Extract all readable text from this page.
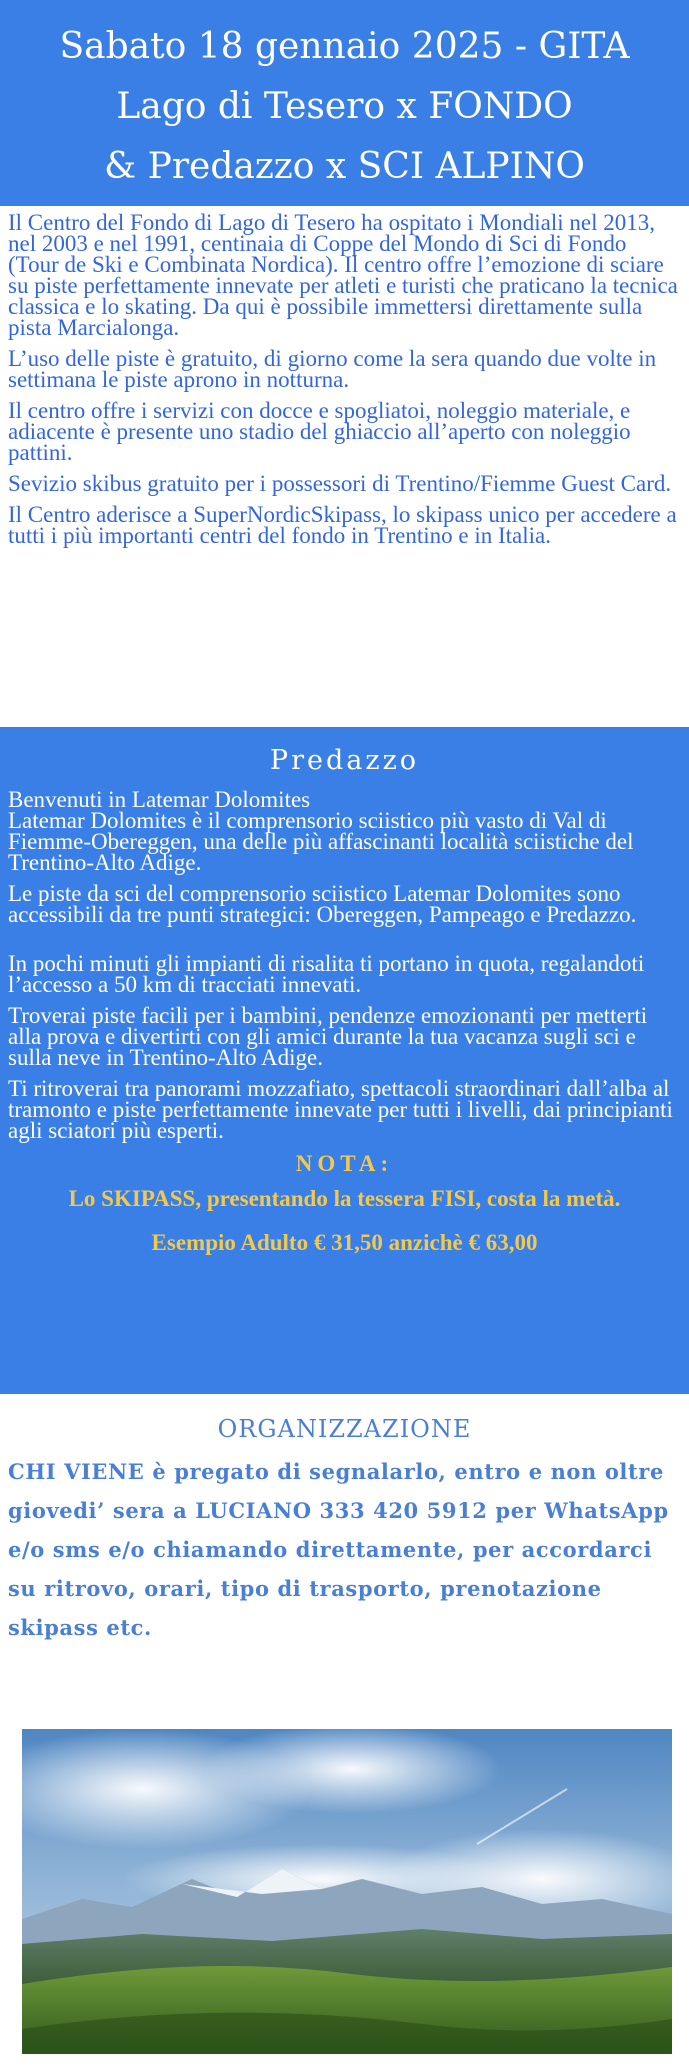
Sabato 18 gennaio 2025 - GITA
Lago di Tesero x FONDO
& Predazzo x SCI ALPINO

Il Centro del Fondo di Lago di Tesero ha ospitato i Mondiali nel 2013, nel 2003 e nel 1991, centinaia di Coppe del Mondo di Sci di Fondo (Tour de Ski e Combinata Nordica). Il centro offre l’emozione di sciare su piste perfettamente innevate per atleti e turisti che praticano la tecnica classica e lo skating. Da qui è possibile immettersi direttamente sulla pista Marcialonga.

L’uso delle piste è gratuito, di giorno come la sera quando due volte in settimana le piste aprono in notturna.

Il centro offre i servizi con docce e spogliatoi, noleggio materiale, e adiacente è presente uno stadio del ghiaccio all’aperto con noleggio pattini.

Sevizio skibus gratuito per i possessori di Trentino/Fiemme Guest Card.

Il Centro aderisce a SuperNordicSkipass, lo skipass unico per accedere a tutti i più importanti centri del fondo in Trentino e in Italia.

Predazzo
Benvenuti in Latemar Dolomites

Latemar Dolomites è il comprensorio sciistico più vasto di Val di Fiemme-Obereggen, una delle più affascinanti località sciistiche del Trentino-Alto Adige.

Le piste da sci del comprensorio sciistico Latemar Dolomites sono accessibili da tre punti strategici: Obereggen, Pampeago e Predazzo.

In pochi minuti gli impianti di risalita ti portano in quota, regalandoti l’accesso a 50 km di tracciati innevati.

Troverai piste facili per i bambini, pendenze emozionanti per metterti alla prova e divertirti con gli amici durante la tua vacanza sugli sci e sulla neve in Trentino-Alto Adige.

Ti ritroverai tra panorami mozzafiato, spettacoli straordinari dall’alba al tramonto e piste perfettamente innevate per tutti i livelli, dai principianti agli sciatori più esperti.

NOTA:
Lo SKIPASS, presentando la tessera FISI, costa la metà.
Esempio Adulto € 31,50 anzichè € 63,00
ORGANIZZAZIONE
CHI VIENE è pregato di segnalarlo, entro e non oltre giovedi’ sera a LUCIANO 333 420 5912 per WhatsApp e/o sms e/o chiamando direttamente, per accordarci su ritrovo, orari, tipo di trasporto, prenotazione skipass etc.
